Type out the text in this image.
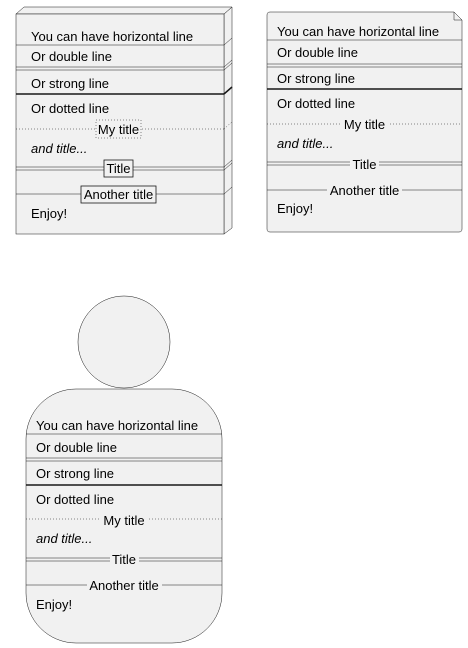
You can have horizontal line
Or double line
Or strong line
Or dotted line
My title
and title...
Title
Another title
Enjoy!
You can have horizontal line
Or double line
Or strong line
Or dotted line
My title
and title...
Title
Another title
Enjoy!
You can have horizontal line
Or double line
Or strong line
Or dotted line
My title
and title...
Title
Another title
Enjoy!
